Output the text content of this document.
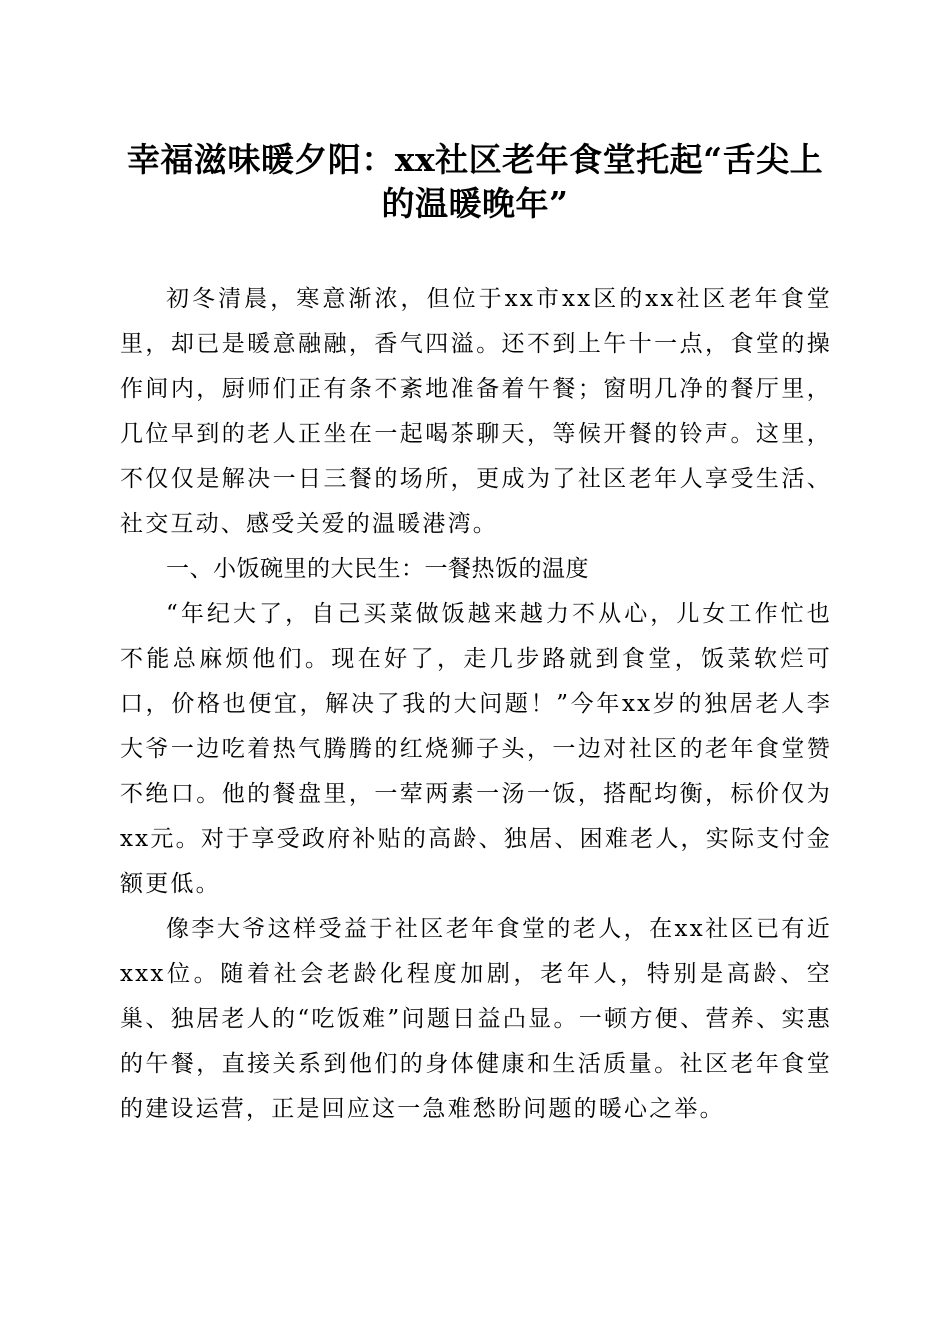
幸福滋味暖夕阳：xx社区老年食堂托起“舌尖上的温暖晚年”

初冬清晨，寒意渐浓，但位于xx市xx区的xx社区老年食堂里，却已是暖意融融，香气四溢。还不到上午十一点，食堂的操作间内，厨师们正有条不紊地准备着午餐；窗明几净的餐厅里，几位早到的老人正坐在一起喝茶聊天，等候开餐的铃声。这里，不仅仅是解决一日三餐的场所，更成为了社区老年人享受生活、社交互动、感受关爱的温暖港湾。

一、小饭碗里的大民生：一餐热饭的温度

“年纪大了，自己买菜做饭越来越力不从心，儿女工作忙也不能总麻烦他们。现在好了，走几步路就到食堂，饭菜软烂可口，价格也便宜，解决了我的大问题！”今年xx岁的独居老人李大爷一边吃着热气腾腾的红烧狮子头，一边对社区的老年食堂赞不绝口。他的餐盘里，一荤两素一汤一饭，搭配均衡，标价仅为xx元。对于享受政府补贴的高龄、独居、困难老人，实际支付金额更低。

像李大爷这样受益于社区老年食堂的老人，在xx社区已有近xxx位。随着社会老龄化程度加剧，老年人，特别是高龄、空巢、独居老人的“吃饭难”问题日益凸显。一顿方便、营养、实惠的午餐，直接关系到他们的身体健康和生活质量。社区老年食堂的建设运营，正是回应这一急难愁盼问题的暖心之举。
